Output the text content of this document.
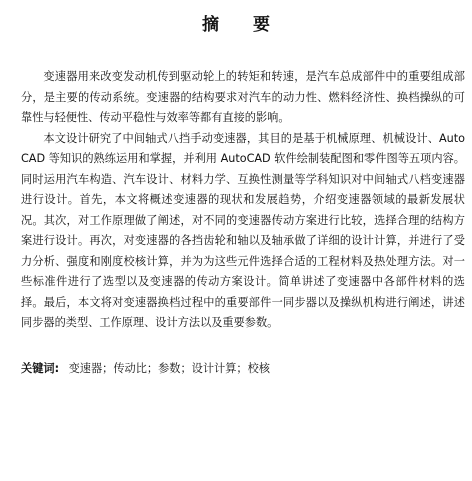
摘 要

变速器用来改变发动机传到驱动轮上的转矩和转速，是汽车总成部件中的重要组成部分，是主要的传动系统。变速器的结构要求对汽车的动力性、燃料经济性、换档操纵的可靠性与轻便性、传动平稳性与效率等都有直接的影响。

本文设计研究了中间轴式八挡手动变速器，其目的是基于机械原理、机械设计、AutoCAD 等知识的熟练运用和掌握，并利用 AutoCAD 软件绘制装配图和零件图等五项内容。同时运用汽车构造、汽车设计、材料力学、互换性测量等学科知识对中间轴式八档变速器进行设计。首先，本文将概述变速器的现状和发展趋势，介绍变速器领域的最新发展状况。其次，对工作原理做了阐述，对不同的变速器传动方案进行比较，选择合理的结构方案进行设计。再次，对变速器的各挡齿轮和轴以及轴承做了详细的设计计算，并进行了受力分析、强度和刚度校核计算，并为为这些元件选择合适的工程材料及热处理方法。对一些标准件进行了选型以及变速器的传动方案设计。简单讲述了变速器中各部件材料的选择。最后，本文将对变速器换档过程中的重要部件一同步器以及操纵机构进行阐述，讲述同步器的类型、工作原理、设计方法以及重要参数。

关键词: 变速器；传动比；参数；设计计算；校核
